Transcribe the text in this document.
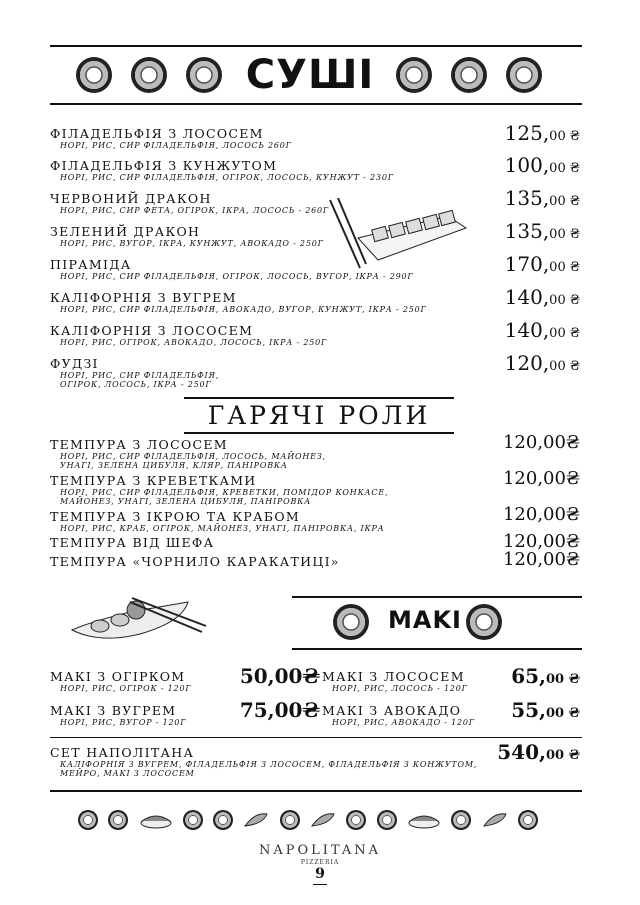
СУШІ
ФІЛАДЕЛЬФІЯ З ЛОСОСЕМ
НОРІ, РИС, СИР ФІЛАДЕЛЬФІЯ, ЛОСОСЬ 260Г
125,00 ₴
ФІЛАДЕЛЬФІЯ З КУНЖУТОМ
НОРІ, РИС, СИР ФІЛАДЕЛЬФІЯ, ОГІРОК, ЛОСОСЬ, КУНЖУТ - 230Г
100,00 ₴
ЧЕРВОНИЙ ДРАКОН
НОРІ, РИС, СИР ФЕТА, ОГІРОК, ІКРА, ЛОСОСЬ - 260Г
135,00 ₴
ЗЕЛЕНИЙ ДРАКОН
НОРІ, РИС, ВУГОР, ІКРА, КУНЖУТ, АВОКАДО - 250Г
135,00 ₴
ПІРАМІДА
НОРІ, РИС, СИР ФІЛАДЕЛЬФІЯ, ОГІРОК, ЛОСОСЬ, ВУГОР, ІКРА - 290Г
170,00 ₴
КАЛІФОРНІЯ З ВУГРЕМ
НОРІ, РИС, СИР ФІЛАДЕЛЬФІЯ, АВОКАДО, ВУГОР, КУНЖУТ, ІКРА - 250Г
140,00 ₴
КАЛІФОРНІЯ З ЛОСОСЕМ
НОРІ, РИС, ОГІРОК, АВОКАДО, ЛОСОСЬ, ІКРА - 250Г
140,00 ₴
ФУДЗІ
НОРІ, РИС, СИР ФІЛАДЕЛЬФІЯ,
ОГІРОК, ЛОСОСЬ, ІКРА - 250Г
120,00 ₴
ГАРЯЧІ РОЛИ
ТЕМПУРА З ЛОСОСЕМ
НОРІ, РИС, СИР ФІЛАДЕЛЬФІЯ, ЛОСОСЬ, МАЙОНЕЗ,
УНАГІ, ЗЕЛЕНА ЦИБУЛЯ, КЛЯР, ПАНІРОВКА
120,00₴
ТЕМПУРА З КРЕВЕТКАМИ
НОРІ, РИС, СИР ФІЛАДЕЛЬФІЯ, КРЕВЕТКИ, ПОМІДОР КОНКАСЕ,
МАЙОНЕЗ, УНАГІ, ЗЕЛЕНА ЦИБУЛЯ, ПАНІРОВКА
120,00₴
ТЕМПУРА З ІКРОЮ ТА КРАБОМ
НОРІ, РИС, КРАБ, ОГІРОК, МАЙОНЕЗ, УНАГІ, ПАНІРОВКА, ІКРА
120,00₴
ТЕМПУРА ВІД ШЕФА	120,00₴
ТЕМПУРА «ЧОРНИЛО КАРАКАТИЦІ»	120,00₴
MAKI
МАКІ З ОГІРКОМ
НОРІ, РИС, ОГІРОК - 120Г
50,00₴ МАКІ З ЛОСОСЕМ
НОРІ, РИС, ЛОСОСЬ - 120Г
65,00 ₴
МАКІ З ВУГРЕМ
НОРІ, РИС, ВУГОР - 120Г
75,00₴ МАКІ З АВОКАДО
НОРІ, РИС, АВОКАДО - 120Г
55,00 ₴
СЕТ НАПОЛІТАНА
КАЛІФОРНІЯ З ВУГРЕМ, ФІЛАДЕЛЬФІЯ З ЛОСОСЕМ, ФІЛАДЕЛЬФІЯ З КОНЖУТОМ,
МЕЙРО, МАКІ З ЛОСОСЕМ
540,00 ₴
NAPOLITANA
PIZZERIA
9
